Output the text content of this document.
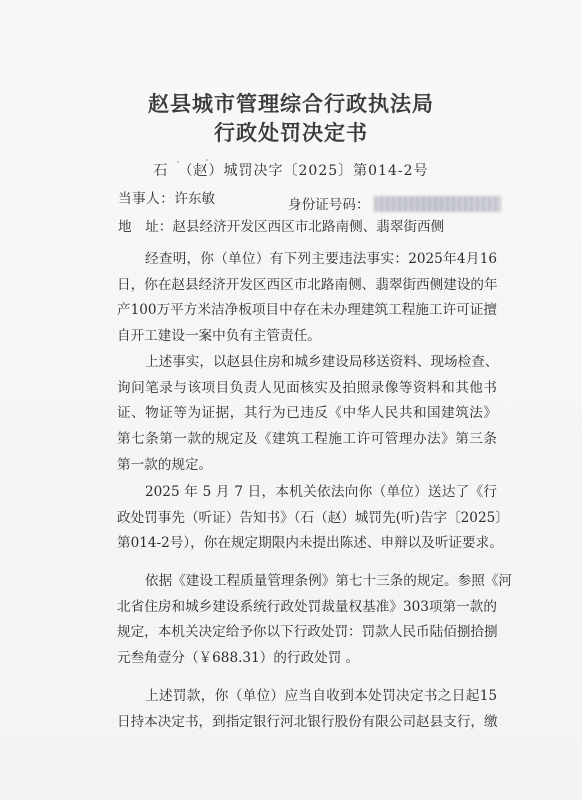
赵县城市管理综合行政执法局
行政处罚决定书
石 （赵）城罚决字〔2025〕第014-2号
当事人：许东敏	身份证号码：
地　址：赵县经济开发区西区市北路南侧、翡翠街西侧
经查明，你（单位）有下列主要违法事实：2025年4月16
日，你在赵县经济开发区西区市北路南侧、翡翠街西侧建设的年
产100万平方米洁净板项目中存在未办理建筑工程施工许可证擅
自开工建设一案中负有主管责任。
上述事实，以赵县住房和城乡建设局移送资料、现场检查、
询问笔录与该项目负责人见面核实及拍照录像等资料和其他书
证、物证等为证据，其行为已违反《中华人民共和国建筑法》
第七条第一款的规定及《建筑工程施工许可管理办法》第三条
第一款的规定。
2025 年 5 月 7 日，本机关依法向你（单位）送达了《行
政处罚事先（听证）告知书》（石（赵）城罚先(听)告字〔2025〕
第014-2号），你在规定期限内未提出陈述、申辩以及听证要求。
依据《建设工程质量管理条例》第七十三条的规定。参照《河
北省住房和城乡建设系统行政处罚裁量权基准》303项第一款的
规定，本机关决定给予你以下行政处罚：罚款人民币陆佰捌拾捌
元叁角壹分（￥688.31）的行政处罚 。
上述罚款，你（单位）应当自收到本处罚决定书之日起15
日持本决定书，到指定银行河北银行股份有限公司赵县支行，缴
